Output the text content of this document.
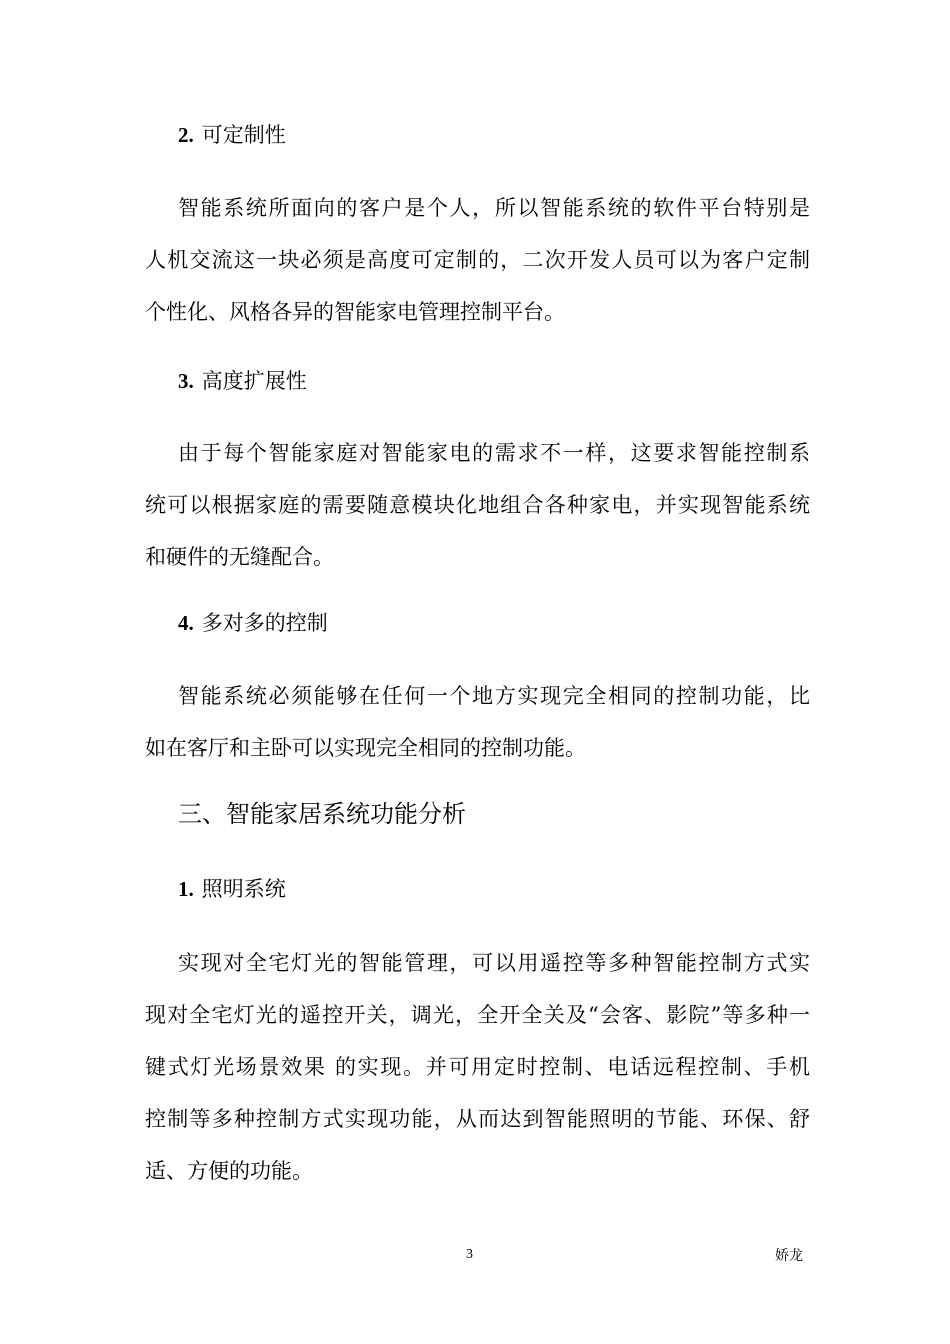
2. 可定制性
智能系统所面向的客户是个人，所以智能系统的软件平台特别是
人机交流这一块必须是高度可定制的，二次开发人员可以为客户定制
个性化、风格各异的智能家电管理控制平台。
3. 高度扩展性
由于每个智能家庭对智能家电的需求不一样，这要求智能控制系
统可以根据家庭的需要随意模块化地组合各种家电，并实现智能系统
和硬件的无缝配合。
4. 多对多的控制
智能系统必须能够在任何一个地方实现完全相同的控制功能，比
如在客厅和主卧可以实现完全相同的控制功能。
三、智能家居系统功能分析
1. 照明系统
实现对全宅灯光的智能管理，可以用遥控等多种智能控制方式实
现对全宅灯光的遥控开关，调光，全开全关及“会客、影院”等多种一
键式灯光场景效果 的实现。并可用定时控制、电话远程控制、手机
控制等多种控制方式实现功能，从而达到智能照明的节能、环保、舒
适、方便的功能。
3	娇龙
